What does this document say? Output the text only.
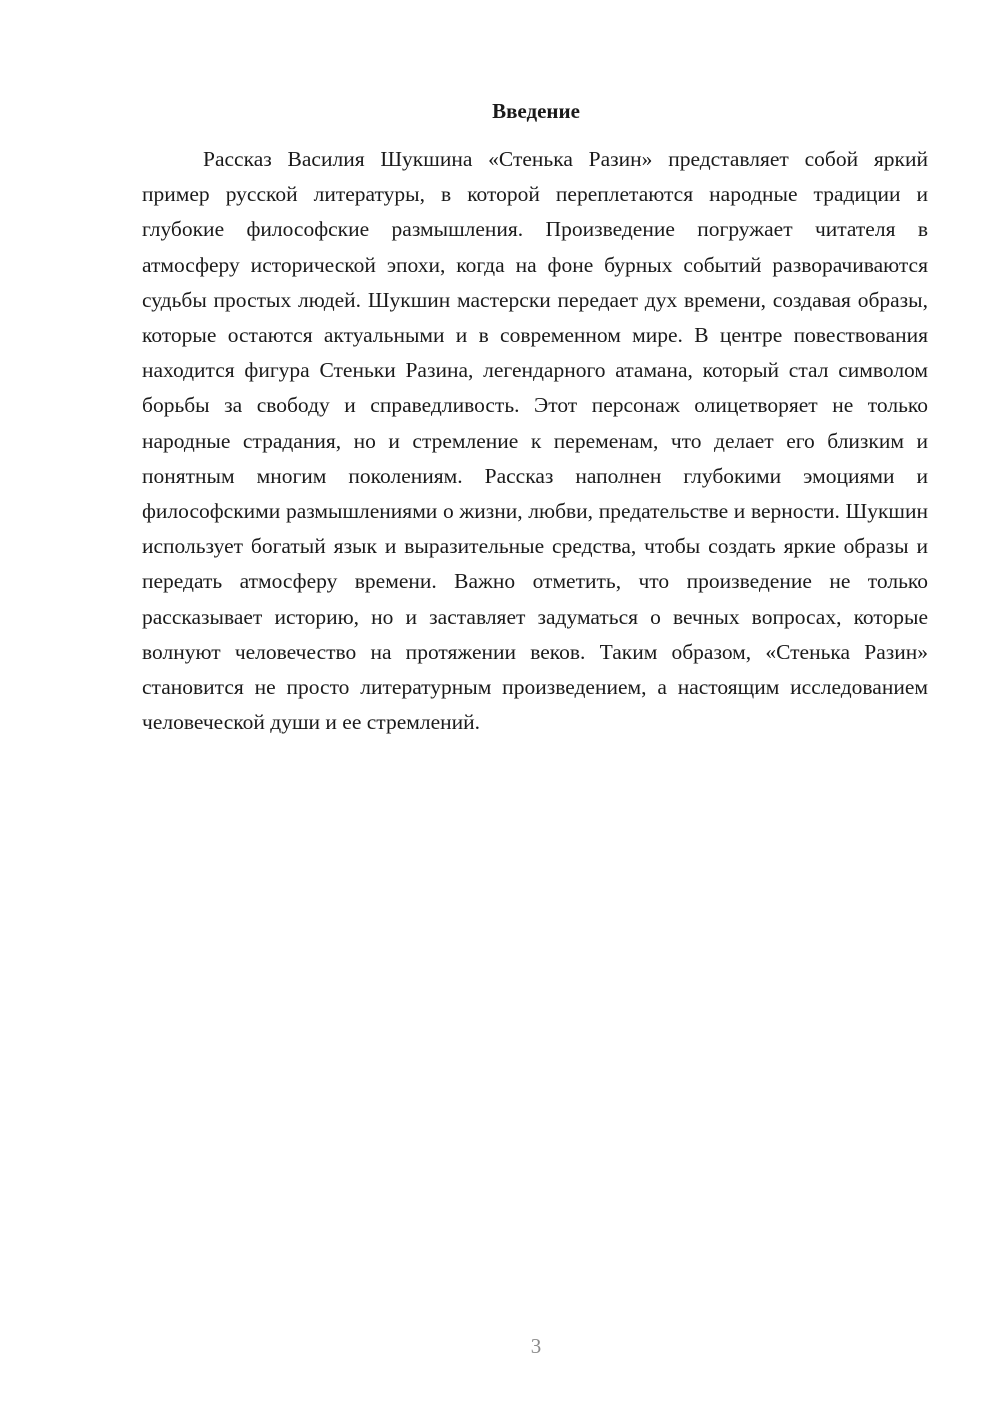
Введение

Рассказ Василия Шукшина «Стенька Разин» представляет собой яркий пример русской литературы, в которой переплетаются народные традиции и глубокие философские размышления. Произведение погружает читателя в атмосферу исторической эпохи, когда на фоне бурных событий разворачиваются судьбы простых людей. Шукшин мастерски передает дух времени, создавая образы, которые остаются актуальными и в современном мире. В центре повествования находится фигура Стеньки Разина, легендарного атамана, который стал символом борьбы за свободу и справедливость. Этот персонаж олицетворяет не только народные страдания, но и стремление к переменам, что делает его близким и понятным многим поколениям. Рассказ наполнен глубокими эмоциями и философскими размышлениями о жизни, любви, предательстве и верности. Шукшин использует богатый язык и выразительные средства, чтобы создать яркие образы и передать атмосферу времени. Важно отметить, что произведение не только рассказывает историю, но и заставляет задуматься о вечных вопросах, которые волнуют человечество на протяжении веков. Таким образом, «Стенька Разин» становится не просто литературным произведением, а настоящим исследованием человеческой души и ее стремлений.

3
